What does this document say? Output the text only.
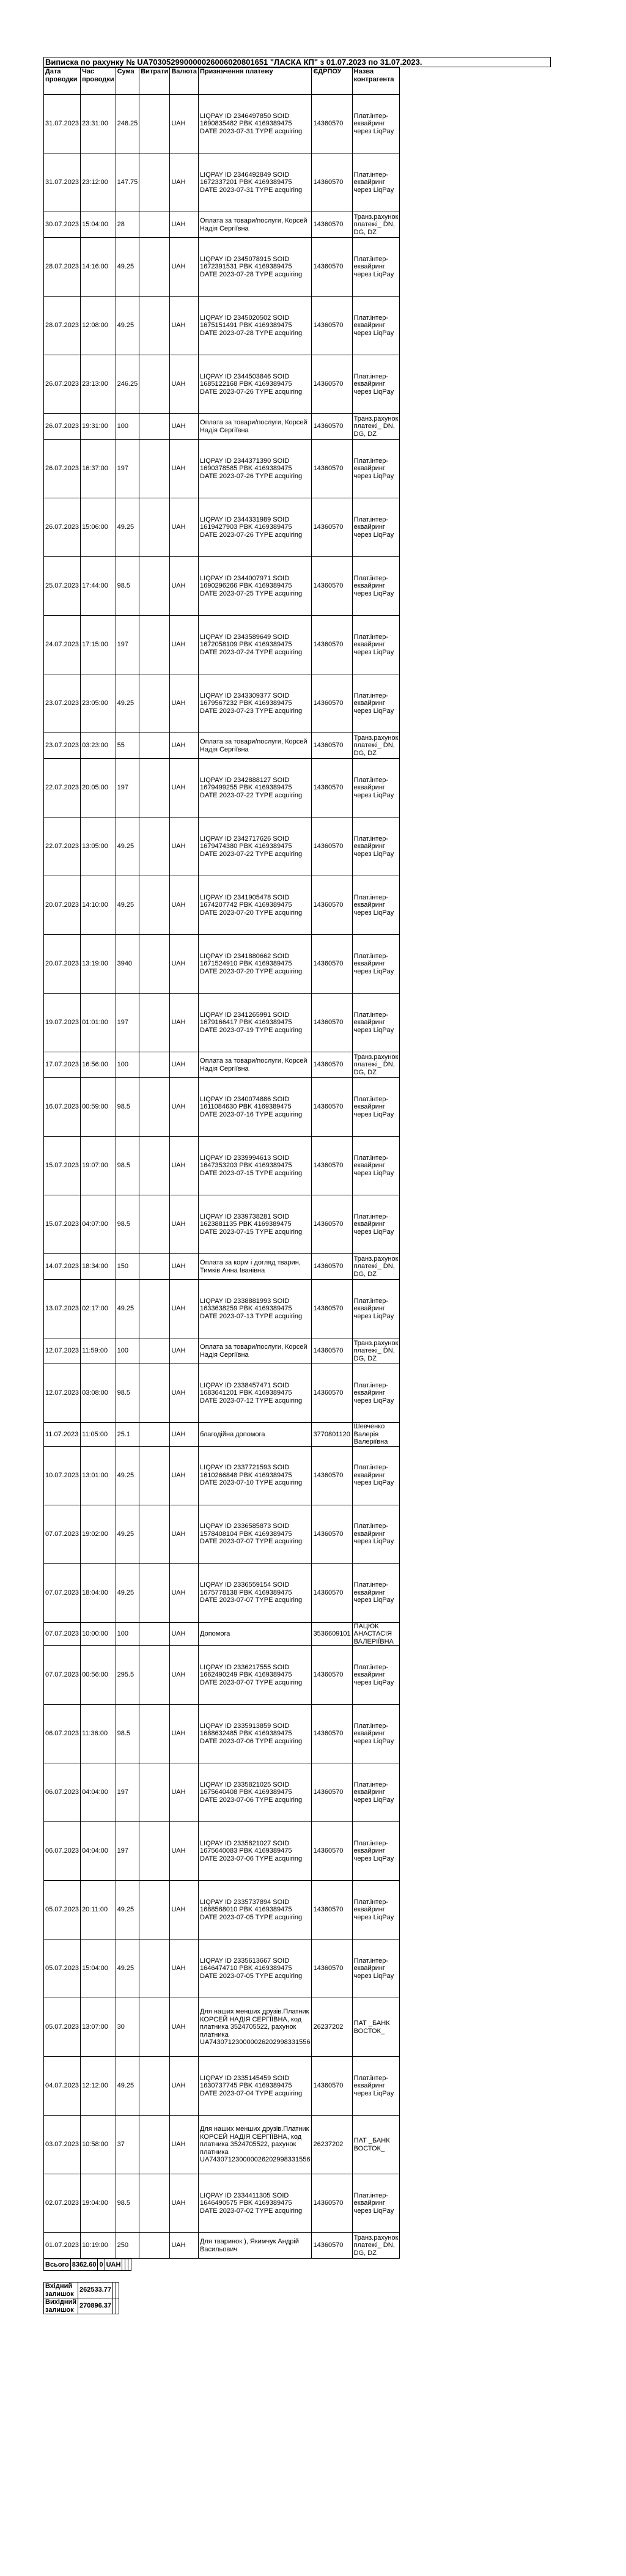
Виписка по рахунку № UA703052990000026006020801651 "ЛАСКА КП" з 01.07.2023 по 31.07.2023.
Дата проводки	Час проводки	Сума	Витрати	Валюта	Призначення платежу	ЄДРПОУ	Назва контрагента
31.07.2023	23:31:00	246.25		UAH	LIQPAY ID 2346497850 SOID 1690835482 PBK 4169389475 DATE 2023-07-31 TYPE acquiring	14360570	Плат.інтер-еквайринг через LiqPay
31.07.2023	23:12:00	147.75		UAH	LIQPAY ID 2346492849 SOID 1672337201 PBK 4169389475 DATE 2023-07-31 TYPE acquiring	14360570	Плат.інтер-еквайринг через LiqPay
30.07.2023	15:04:00	28		UAH	Оплата за товари/послуги, Корсей Надія Сергіївна	14360570	Транз.рахунок платежі_ DN, DG, DZ
28.07.2023	14:16:00	49.25		UAH	LIQPAY ID 2345078915 SOID 1672391531 PBK 4169389475 DATE 2023-07-28 TYPE acquiring	14360570	Плат.інтер-еквайринг через LiqPay
28.07.2023	12:08:00	49.25		UAH	LIQPAY ID 2345020502 SOID 1675151491 PBK 4169389475 DATE 2023-07-28 TYPE acquiring	14360570	Плат.інтер-еквайринг через LiqPay
26.07.2023	23:13:00	246.25		UAH	LIQPAY ID 2344503846 SOID 1685122168 PBK 4169389475 DATE 2023-07-26 TYPE acquiring	14360570	Плат.інтер-еквайринг через LiqPay
26.07.2023	19:31:00	100		UAH	Оплата за товари/послуги, Корсей Надія Сергіївна	14360570	Транз.рахунок платежі_ DN, DG, DZ
26.07.2023	16:37:00	197		UAH	LIQPAY ID 2344371390 SOID 1690378585 PBK 4169389475 DATE 2023-07-26 TYPE acquiring	14360570	Плат.інтер-еквайринг через LiqPay
26.07.2023	15:06:00	49.25		UAH	LIQPAY ID 2344331989 SOID 1619427903 PBK 4169389475 DATE 2023-07-26 TYPE acquiring	14360570	Плат.інтер-еквайринг через LiqPay
25.07.2023	17:44:00	98.5		UAH	LIQPAY ID 2344007971 SOID 1690296266 PBK 4169389475 DATE 2023-07-25 TYPE acquiring	14360570	Плат.інтер-еквайринг через LiqPay
24.07.2023	17:15:00	197		UAH	LIQPAY ID 2343589649 SOID 1672058109 PBK 4169389475 DATE 2023-07-24 TYPE acquiring	14360570	Плат.інтер-еквайринг через LiqPay
23.07.2023	23:05:00	49.25		UAH	LIQPAY ID 2343309377 SOID 1679567232 PBK 4169389475 DATE 2023-07-23 TYPE acquiring	14360570	Плат.інтер-еквайринг через LiqPay
23.07.2023	03:23:00	55		UAH	Оплата за товари/послуги, Корсей Надія Сергіївна	14360570	Транз.рахунок платежі_ DN, DG, DZ
22.07.2023	20:05:00	197		UAH	LIQPAY ID 2342888127 SOID 1679499255 PBK 4169389475 DATE 2023-07-22 TYPE acquiring	14360570	Плат.інтер-еквайринг через LiqPay
22.07.2023	13:05:00	49.25		UAH	LIQPAY ID 2342717626 SOID 1679474380 PBK 4169389475 DATE 2023-07-22 TYPE acquiring	14360570	Плат.інтер-еквайринг через LiqPay
20.07.2023	14:10:00	49.25		UAH	LIQPAY ID 2341905478 SOID 1674207742 PBK 4169389475 DATE 2023-07-20 TYPE acquiring	14360570	Плат.інтер-еквайринг через LiqPay
20.07.2023	13:19:00	3940		UAH	LIQPAY ID 2341880662 SOID 1671524910 PBK 4169389475 DATE 2023-07-20 TYPE acquiring	14360570	Плат.інтер-еквайринг через LiqPay
19.07.2023	01:01:00	197		UAH	LIQPAY ID 2341265991 SOID 1679166417 PBK 4169389475 DATE 2023-07-19 TYPE acquiring	14360570	Плат.інтер-еквайринг через LiqPay
17.07.2023	16:56:00	100		UAH	Оплата за товари/послуги, Корсей Надія Сергіївна	14360570	Транз.рахунок платежі_ DN, DG, DZ
16.07.2023	00:59:00	98.5		UAH	LIQPAY ID 2340074886 SOID 1611084630 PBK 4169389475 DATE 2023-07-16 TYPE acquiring	14360570	Плат.інтер-еквайринг через LiqPay
15.07.2023	19:07:00	98.5		UAH	LIQPAY ID 2339994613 SOID 1647353203 PBK 4169389475 DATE 2023-07-15 TYPE acquiring	14360570	Плат.інтер-еквайринг через LiqPay
15.07.2023	04:07:00	98.5		UAH	LIQPAY ID 2339738281 SOID 1623881135 PBK 4169389475 DATE 2023-07-15 TYPE acquiring	14360570	Плат.інтер-еквайринг через LiqPay
14.07.2023	18:34:00	150		UAH	Оплата за корм і догляд тварин, Тимків Анна Іванівна	14360570	Транз.рахунок платежі_ DN, DG, DZ
13.07.2023	02:17:00	49.25		UAH	LIQPAY ID 2338881993 SOID 1633638259 PBK 4169389475 DATE 2023-07-13 TYPE acquiring	14360570	Плат.інтер-еквайринг через LiqPay
12.07.2023	11:59:00	100		UAH	Оплата за товари/послуги, Корсей Надія Сергіївна	14360570	Транз.рахунок платежі_ DN, DG, DZ
12.07.2023	03:08:00	98.5		UAH	LIQPAY ID 2338457471 SOID 1683641201 PBK 4169389475 DATE 2023-07-12 TYPE acquiring	14360570	Плат.інтер-еквайринг через LiqPay
11.07.2023	11:05:00	25.1		UAH	благодійна допомога	3770801120	Шевченко Валерія Валеріївна
10.07.2023	13:01:00	49.25		UAH	LIQPAY ID 2337721593 SOID 1610266848 PBK 4169389475 DATE 2023-07-10 TYPE acquiring	14360570	Плат.інтер-еквайринг через LiqPay
07.07.2023	19:02:00	49.25		UAH	LIQPAY ID 2336585873 SOID 1578408104 PBK 4169389475 DATE 2023-07-07 TYPE acquiring	14360570	Плат.інтер-еквайринг через LiqPay
07.07.2023	18:04:00	49.25		UAH	LIQPAY ID 2336559154 SOID 1675778138 PBK 4169389475 DATE 2023-07-07 TYPE acquiring	14360570	Плат.інтер-еквайринг через LiqPay
07.07.2023	10:00:00	100		UAH	Допомога	3536609101	ПАЦЮК АНАСТАСІЯ ВАЛЕРІЇВНА
07.07.2023	00:56:00	295.5		UAH	LIQPAY ID 2336217555 SOID 1662490249 PBK 4169389475 DATE 2023-07-07 TYPE acquiring	14360570	Плат.інтер-еквайринг через LiqPay
06.07.2023	11:36:00	98.5		UAH	LIQPAY ID 2335913859 SOID 1688632485 PBK 4169389475 DATE 2023-07-06 TYPE acquiring	14360570	Плат.інтер-еквайринг через LiqPay
06.07.2023	04:04:00	197		UAH	LIQPAY ID 2335821025 SOID 1675640408 PBK 4169389475 DATE 2023-07-06 TYPE acquiring	14360570	Плат.інтер-еквайринг через LiqPay
06.07.2023	04:04:00	197		UAH	LIQPAY ID 2335821027 SOID 1675640083 PBK 4169389475 DATE 2023-07-06 TYPE acquiring	14360570	Плат.інтер-еквайринг через LiqPay
05.07.2023	20:11:00	49.25		UAH	LIQPAY ID 2335737894 SOID 1688568010 PBK 4169389475 DATE 2023-07-05 TYPE acquiring	14360570	Плат.інтер-еквайринг через LiqPay
05.07.2023	15:04:00	49.25		UAH	LIQPAY ID 2335613667 SOID 1646474710 PBK 4169389475 DATE 2023-07-05 TYPE acquiring	14360570	Плат.інтер-еквайринг через LiqPay
05.07.2023	13:07:00	30		UAH	Для наших менших друзів.Платник КОРСЕЙ НАДІЯ СЕРГІЇВНА, код платника 3524705522, рахунок платника UA743071230000026202998331556	26237202	ПАТ _БАНК ВОСТОК_
04.07.2023	12:12:00	49.25		UAH	LIQPAY ID 2335145459 SOID 1630737745 PBK 4169389475 DATE 2023-07-04 TYPE acquiring	14360570	Плат.інтер-еквайринг через LiqPay
03.07.2023	10:58:00	37		UAH	Для наших менших друзів.Платник КОРСЕЙ НАДІЯ СЕРГІЇВНА, код платника 3524705522, рахунок платника UA743071230000026202998331556	26237202	ПАТ _БАНК ВОСТОК_
02.07.2023	19:04:00	98.5		UAH	LIQPAY ID 2334411305 SOID 1646490575 PBK 4169389475 DATE 2023-07-02 TYPE acquiring	14360570	Плат.інтер-еквайринг через LiqPay
01.07.2023	10:19:00	250		UAH	Для тваринок:), Якимчук Андрій Васильович	14360570	Транз.рахунок платежі_ DN, DG, DZ
Всього	8362.60	0	UAH			

Вхідний залишок	262533.77		
Вихідний залишок	270896.37		
